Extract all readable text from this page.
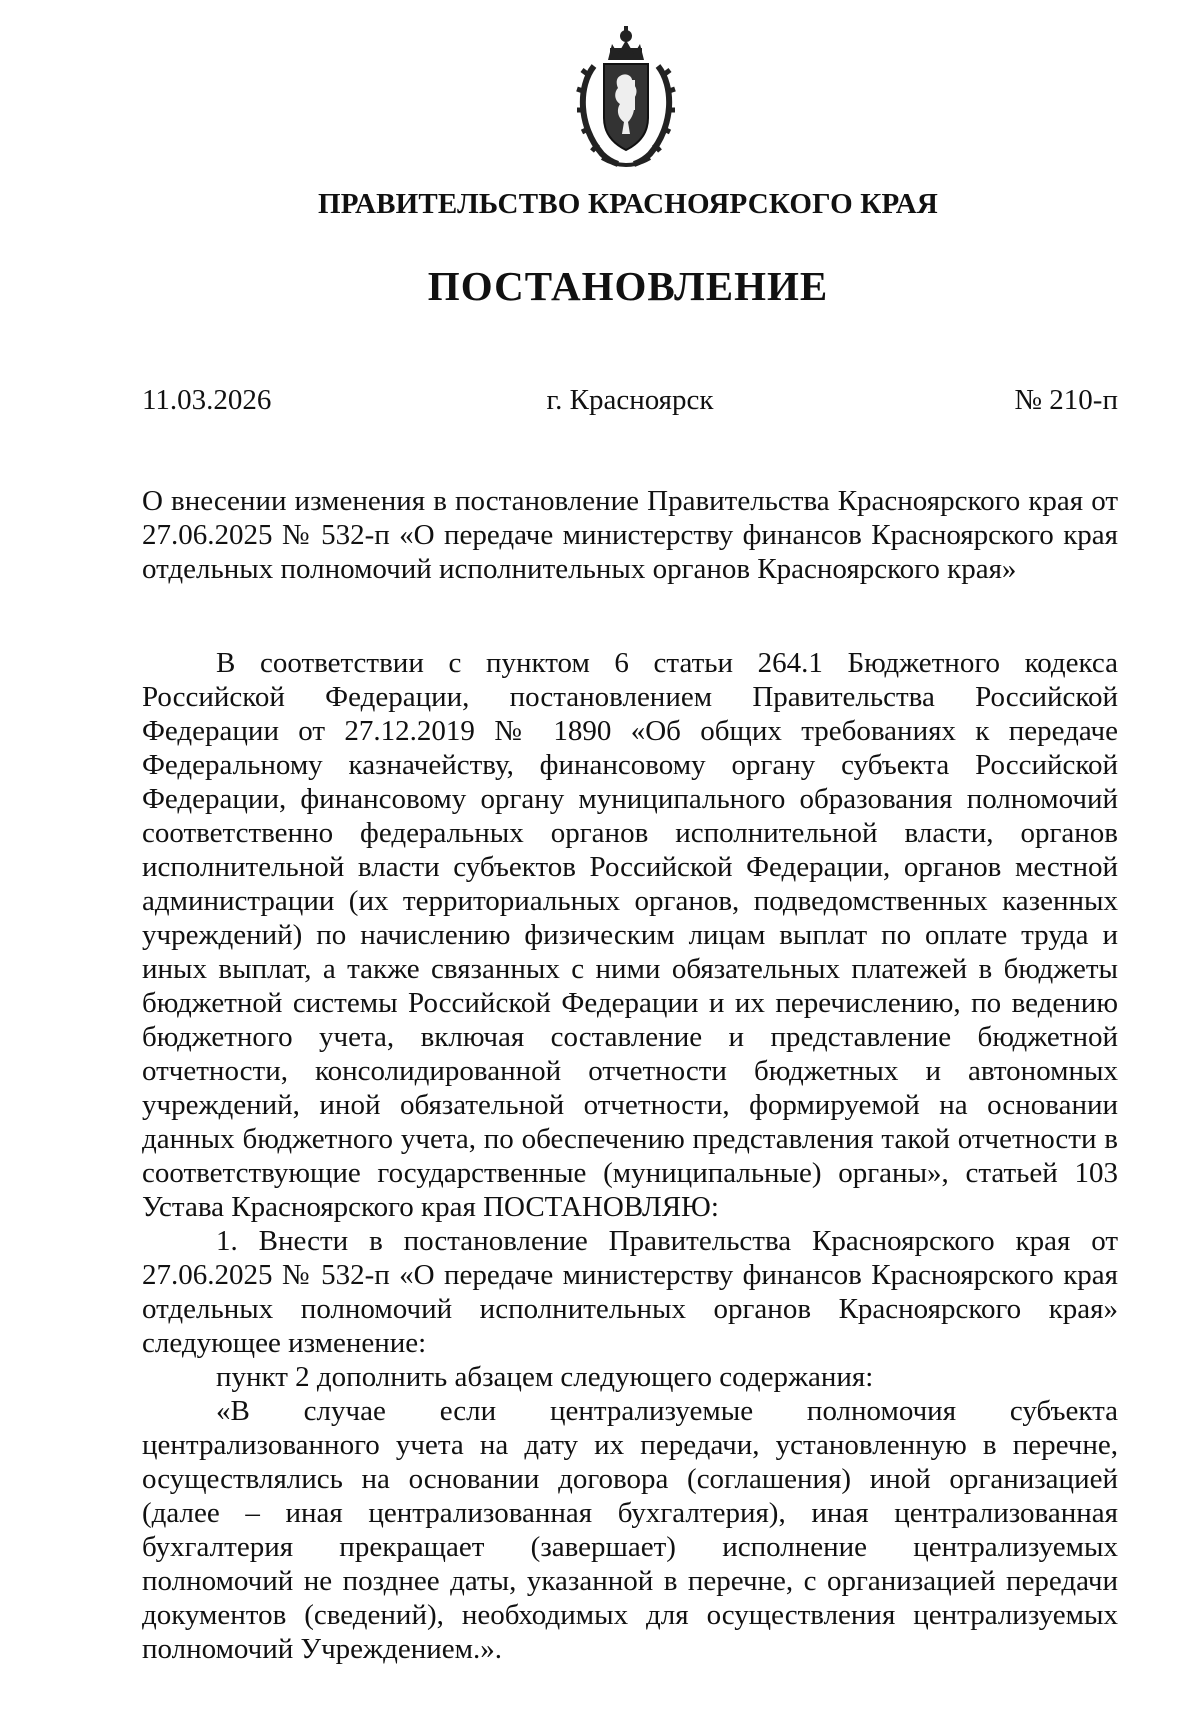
ПРАВИТЕЛЬСТВО КРАСНОЯРСКОГО КРАЯ
ПОСТАНОВЛЕНИЕ
г. Красноярск
11.03.2026	№ 210-п

О внесении изменения в постановление Правительства Красноярского края от 27.06.2025 № 532-п «О передаче министерству финансов Красноярского края отдельных полномочий исполнительных органов Красноярского края»

В соответствии с пунктом 6 статьи 264.1 Бюджетного кодекса Российской Федерации, постановлением Правительства Российской Федерации от 27.12.2019 № 1890 «Об общих требованиях к передаче Федеральному казначейству, финансовому органу субъекта Российской Федерации, финансовому органу муниципального образования полномочий соответственно федеральных органов исполнительной власти, органов исполнительной власти субъектов Российской Федерации, органов местной администрации (их территориальных органов, подведомственных казенных учреждений) по начислению физическим лицам выплат по оплате труда и иных выплат, а также связанных с ними обязательных платежей в бюджеты бюджетной системы Российской Федерации и их перечислению, по ведению бюджетного учета, включая составление и представление бюджетной отчетности, консолидированной отчетности бюджетных и автономных учреждений, иной обязательной отчетности, формируемой на основании данных бюджетного учета, по обеспечению представления такой отчетности в соответствующие государственные (муниципальные) органы», статьей 103 Устава Красноярского края ПОСТАНОВЛЯЮ:

1. Внести в постановление Правительства Красноярского края от 27.06.2025 № 532-п «О передаче министерству финансов Красноярского края отдельных полномочий исполнительных органов Красноярского края» следующее изменение:

пункт 2 дополнить абзацем следующего содержания:

«В случае если централизуемые полномочия субъекта централизованного учета на дату их передачи, установленную в перечне, осуществлялись на основании договора (соглашения) иной организацией (далее – иная централизованная бухгалтерия), иная централизованная бухгалтерия прекращает (завершает) исполнение централизуемых полномочий не позднее даты, указанной в перечне, с организацией передачи документов (сведений), необходимых для осуществления централизуемых полномочий Учреждением.».
